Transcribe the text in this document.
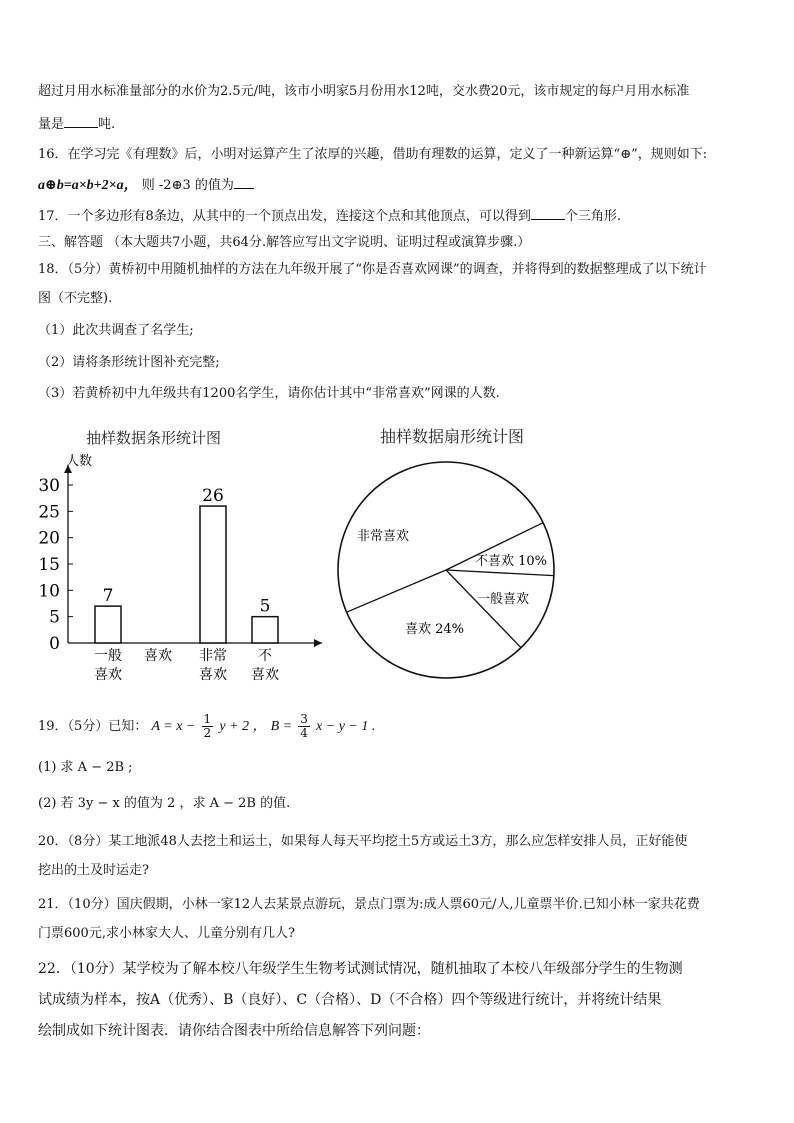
超过月用水标准量部分的水价为2.5元/吨，该市小明家5月份用水12吨，交水费20元，该市规定的每户月用水标准
量是	吨.
16．在学习完《有理数》后，小明对运算产生了浓厚的兴趣，借助有理数的运算，定义了一种新运算“⊕”，规则如下:
a⊕b=a×b+2×a， 则 -2⊕3 的值为
17．一个多边形有8条边，从其中的一个顶点出发，连接这个点和其他顶点，可以得到	个三角形.
三、解答题 （本大题共7小题，共64分.解答应写出文字说明、证明过程或演算步骤.）
18．（5分）黄桥初中用随机抽样的方法在九年级开展了“你是否喜欢网课”的调查，并将得到的数据整理成了以下统计
图（不完整).
（1）此次共调查了名学生;
（2）请将条形统计图补充完整;
（3）若黄桥初中九年级共有1200名学生，请你估计其中“非常喜欢”网课的人数.
抽样数据条形统计图	抽样数据扇形统计图
人数
0
5
10
15
20
25
30
7
一般
喜欢
喜欢
26
非常
喜欢
5
不
喜欢
非常喜欢
不喜欢 10%
一般喜欢
喜欢 24%
19．（5分）已知： $A = x - \frac{1}{2}$ y + 2 ， $B = \frac{3}{4}$ x − y − 1 .
(1) 求 A − 2B ;
(2) 若 3y − x 的值为 2 ，求 A − 2B 的值.
20．（8分）某工地派48人去挖土和运土，如果每人每天平均挖土5方或运土3方，那么应怎样安排人员，正好能使
挖出的土及时运走?
21．（10分）国庆假期，小林一家12人去某景点游玩，景点门票为:成人票60元/人,儿童票半价.已知小林一家共花费
门票600元,求小林家大人、儿童分别有几人?
22．（10分）某学校为了解本校八年级学生生物考试测试情况，随机抽取了本校八年级部分学生的生物测
试成绩为样本，按A（优秀）、B（良好）、C（合格）、D（不合格）四个等级进行统计，并将统计结果
绘制成如下统计图表．请你结合图表中所给信息解答下列问题：
